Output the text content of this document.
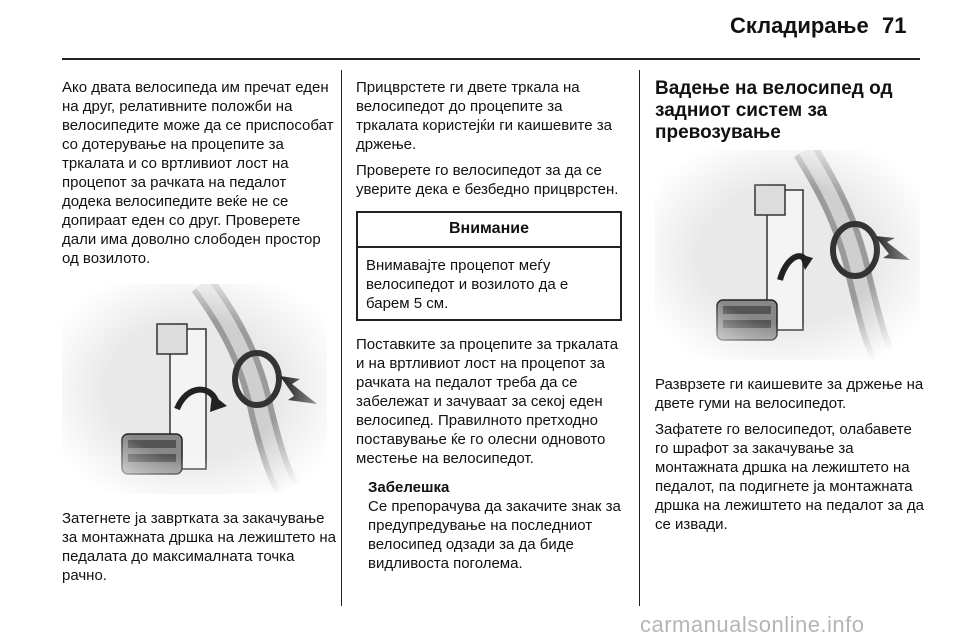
Складирање 71

Ако двата велосипеда им пречат еден на друг, релативните положби на велосипедите може да се приспособат со дотерување на процепите за тркалата и со вртливиот лост на процепот за рачката на педалот додека велосипедите веќе не се допираат еден со друг. Проверете дали има доволно слободен простор од возилото.

Затегнете ја завртката за закачување за монтажната дршка на лежиштето на педалата до максималната точка рачно.

Прицврстете ги двете тркала на велосипедот до процепите за тркалата користејќи ги каишевите за држење.

Проверете го велосипедот за да се уверите дека е безбедно прицврстен.

Внимание
Внимавајте процепот меѓу велосипедот и возилото да е барем 5 см.

Поставките за процепите за тркалата и на вртливиот лост на процепот за рачката на педалот треба да се забележат и зачуваат за секој еден велосипед. Правилното претходно поставување ќе го олесни одновото местење на велосипедот.

Забелешка
Се препорачува да закачите знак за предупредување на последниот велосипед одзади за да биде видливоста поголема.

Вадење на велосипед од задниот систем за превозување

Разврзете ги каишевите за држење на двете гуми на велосипедот.

Зафатете го велосипедот, олабавете го шрафот за закачување за монтажната дршка на лежиштето на педалот, па подигнете ја монтажната дршка на лежиштето на педалот за да се извади.

carmanualsonline.info
